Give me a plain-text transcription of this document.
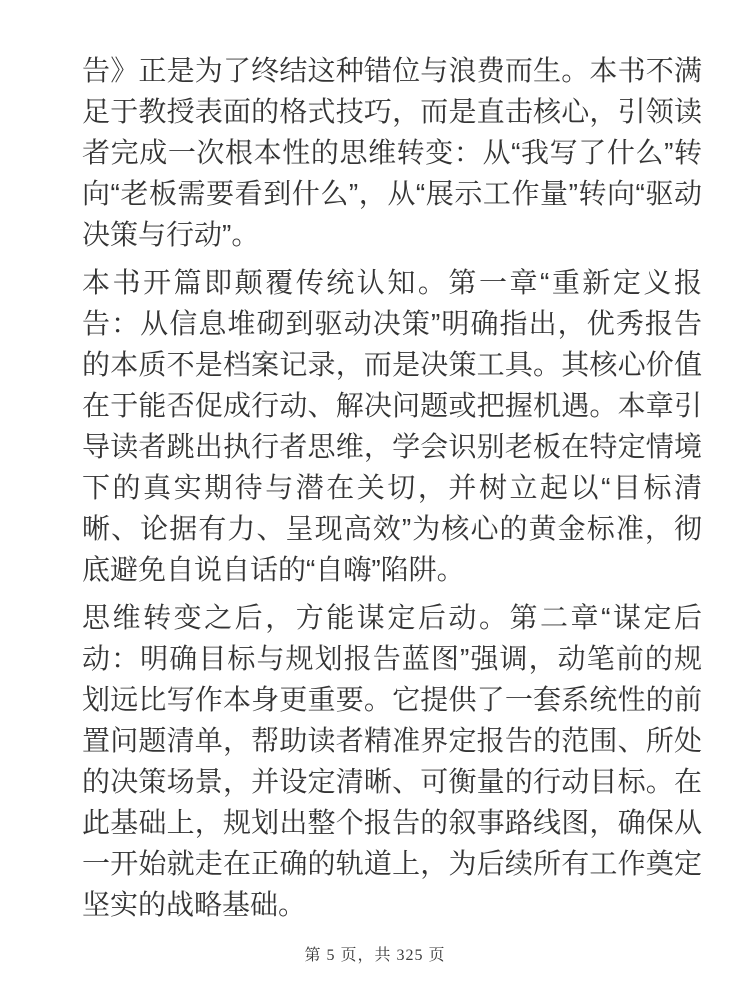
告》正是为了终结这种错位与浪费而生。本书不满足于教授表面的格式技巧，而是直击核心，引领读者完成一次根本性的思维转变：从“我写了什么”转向“老板需要看到什么”，从“展示工作量”转向“驱动决策与行动”。

本书开篇即颠覆传统认知。第一章“重新定义报告：从信息堆砌到驱动决策”明确指出，优秀报告的本质不是档案记录，而是决策工具。其核心价值在于能否促成行动、解决问题或把握机遇。本章引导读者跳出执行者思维，学会识别老板在特定情境下的真实期待与潜在关切，并树立起以“目标清晰、论据有力、呈现高效”为核心的黄金标准，彻底避免自说自话的“自嗨”陷阱。

思维转变之后，方能谋定后动。第二章“谋定后动：明确目标与规划报告蓝图”强调，动笔前的规划远比写作本身更重要。它提供了一套系统性的前置问题清单，帮助读者精准界定报告的范围、所处的决策场景，并设定清晰、可衡量的行动目标。在此基础上，规划出整个报告的叙事路线图，确保从一开始就走在正确的轨道上，为后续所有工作奠定坚实的战略基础。

第 5 页，共 325 页
